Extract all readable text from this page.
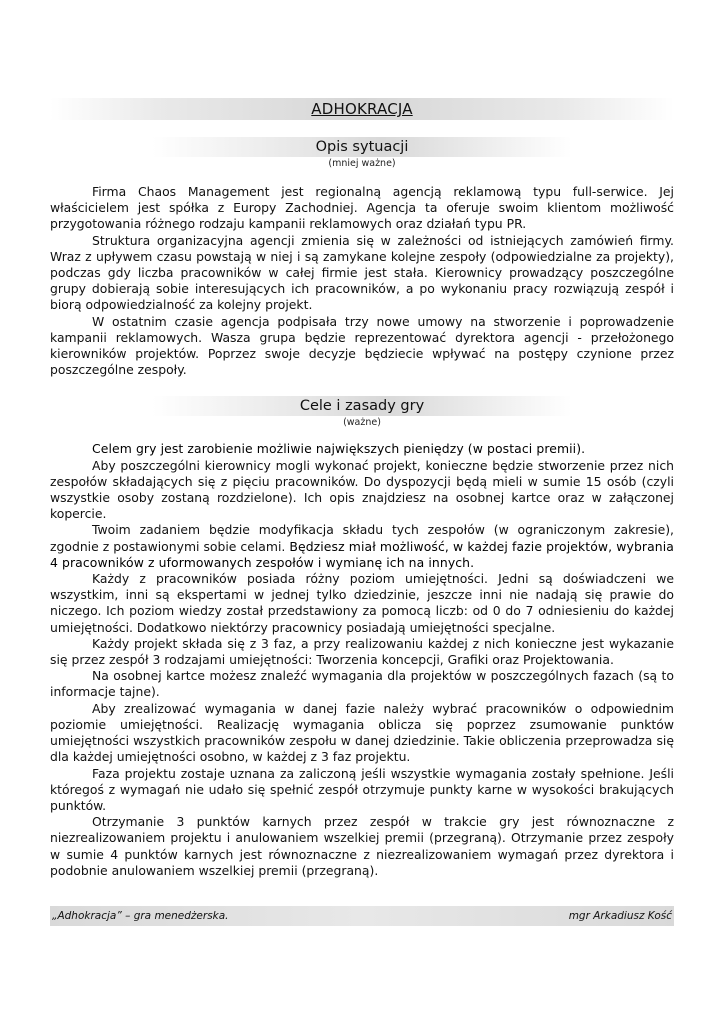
ADHOKRACJA
Opis sytuacji
(mniej ważne)

Firma Chaos Management jest regionalną agencją reklamową typu full-serwice. Jej właścicielem jest spółka z Europy Zachodniej. Agencja ta oferuje swoim klientom możliwość przygotowania różnego rodzaju kampanii reklamowych oraz działań typu PR.

Struktura organizacyjna agencji zmienia się w zależności od istniejących zamówień firmy. Wraz z upływem czasu powstają w niej i są zamykane kolejne zespoły (odpowiedzialne za projekty), podczas gdy liczba pracowników w całej firmie jest stała. Kierownicy prowadzący poszczególne grupy dobierają sobie interesujących ich pracowników, a po wykonaniu pracy rozwiązują zespół i biorą odpowiedzialność za kolejny projekt.

W ostatnim czasie agencja podpisała trzy nowe umowy na stworzenie i poprowadzenie kampanii reklamowych. Wasza grupa będzie reprezentować dyrektora agencji - przełożonego kierowników projektów. Poprzez swoje decyzje będziecie wpływać na postępy czynione przez poszczególne zespoły.

Cele i zasady gry
(ważne)

Celem gry jest zarobienie możliwie największych pieniędzy (w postaci premii).

Aby poszczególni kierownicy mogli wykonać projekt, konieczne będzie stworzenie przez nich zespołów składających się z pięciu pracowników. Do dyspozycji będą mieli w sumie 15 osób (czyli wszystkie osoby zostaną rozdzielone). Ich opis znajdziesz na osobnej kartce oraz w załączonej kopercie.

Twoim zadaniem będzie modyfikacja składu tych zespołów (w ograniczonym zakresie), zgodnie z postawionymi sobie celami. Będziesz miał możliwość, w każdej fazie projektów, wybrania 4 pracowników z uformowanych zespołów i wymianę ich na innych.

Każdy z pracowników posiada różny poziom umiejętności. Jedni są doświadczeni we wszystkim, inni są ekspertami w jednej tylko dziedzinie, jeszcze inni nie nadają się prawie do niczego. Ich poziom wiedzy został przedstawiony za pomocą liczb: od 0 do 7 odniesieniu do każdej umiejętności. Dodatkowo niektórzy pracownicy posiadają umiejętności specjalne.

Każdy projekt składa się z 3 faz, a przy realizowaniu każdej z nich konieczne jest wykazanie się przez zespół 3 rodzajami umiejętności: Tworzenia koncepcji, Grafiki oraz Projektowania.

Na osobnej kartce możesz znaleźć wymagania dla projektów w poszczególnych fazach (są to informacje tajne).

Aby zrealizować wymagania w danej fazie należy wybrać pracowników o odpowiednim poziomie umiejętności. Realizację wymagania oblicza się poprzez zsumowanie punktów umiejętności wszystkich pracowników zespołu w danej dziedzinie. Takie obliczenia przeprowadza się dla każdej umiejętności osobno, w każdej z 3 faz projektu.

Faza projektu zostaje uznana za zaliczoną jeśli wszystkie wymagania zostały spełnione. Jeśli któregoś z wymagań nie udało się spełnić zespół otrzymuje punkty karne w wysokości brakujących punktów.

Otrzymanie 3 punktów karnych przez zespół w trakcie gry jest równoznaczne z niezrealizowaniem projektu i anulowaniem wszelkiej premii (przegraną). Otrzymanie przez zespoły w sumie 4 punktów karnych jest równoznaczne z niezrealizowaniem wymagań przez dyrektora i podobnie anulowaniem wszelkiej premii (przegraną).

„Adhokracja” – gra menedżerska.	mgr Arkadiusz Kość
